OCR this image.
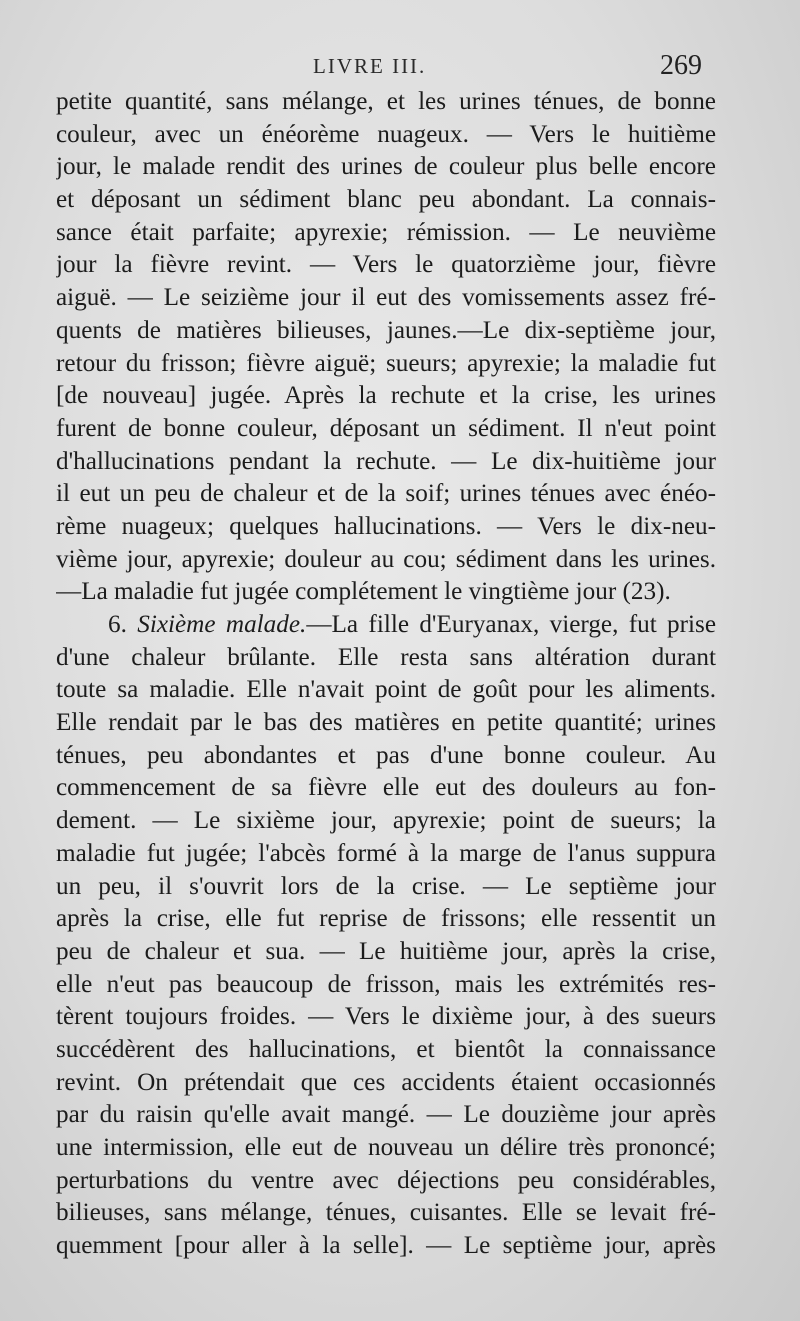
LIVRE III.	269
petite quantité, sans mélange, et les urines ténues, de bonne
couleur, avec un énéorème nuageux. — Vers le huitième
jour, le malade rendit des urines de couleur plus belle encore
et déposant un sédiment blanc peu abondant. La connais-
sance était parfaite; apyrexie; rémission. — Le neuvième
jour la fièvre revint. — Vers le quatorzième jour, fièvre
aiguë. — Le seizième jour il eut des vomissements assez fré-
quents de matières bilieuses, jaunes.—Le dix-septième jour,
retour du frisson; fièvre aiguë; sueurs; apyrexie; la maladie fut
[de nouveau] jugée. Après la rechute et la crise, les urines
furent de bonne couleur, déposant un sédiment. Il n'eut point
d'hallucinations pendant la rechute. — Le dix-huitième jour
il eut un peu de chaleur et de la soif; urines ténues avec énéo-
rème nuageux; quelques hallucinations. — Vers le dix-neu-
vième jour, apyrexie; douleur au cou; sédiment dans les urines.
—La maladie fut jugée complétement le vingtième jour (23).
6. Sixième malade.—La fille d'Euryanax, vierge, fut prise
d'une chaleur brûlante. Elle resta sans altération durant
toute sa maladie. Elle n'avait point de goût pour les aliments.
Elle rendait par le bas des matières en petite quantité; urines
ténues, peu abondantes et pas d'une bonne couleur. Au
commencement de sa fièvre elle eut des douleurs au fon-
dement. — Le sixième jour, apyrexie; point de sueurs; la
maladie fut jugée; l'abcès formé à la marge de l'anus suppura
un peu, il s'ouvrit lors de la crise. — Le septième jour
après la crise, elle fut reprise de frissons; elle ressentit un
peu de chaleur et sua. — Le huitième jour, après la crise,
elle n'eut pas beaucoup de frisson, mais les extrémités res-
tèrent toujours froides. — Vers le dixième jour, à des sueurs
succédèrent des hallucinations, et bientôt la connaissance
revint. On prétendait que ces accidents étaient occasionnés
par du raisin qu'elle avait mangé. — Le douzième jour après
une intermission, elle eut de nouveau un délire très prononcé;
perturbations du ventre avec déjections peu considérables,
bilieuses, sans mélange, ténues, cuisantes. Elle se levait fré-
quemment [pour aller à la selle]. — Le septième jour, après
